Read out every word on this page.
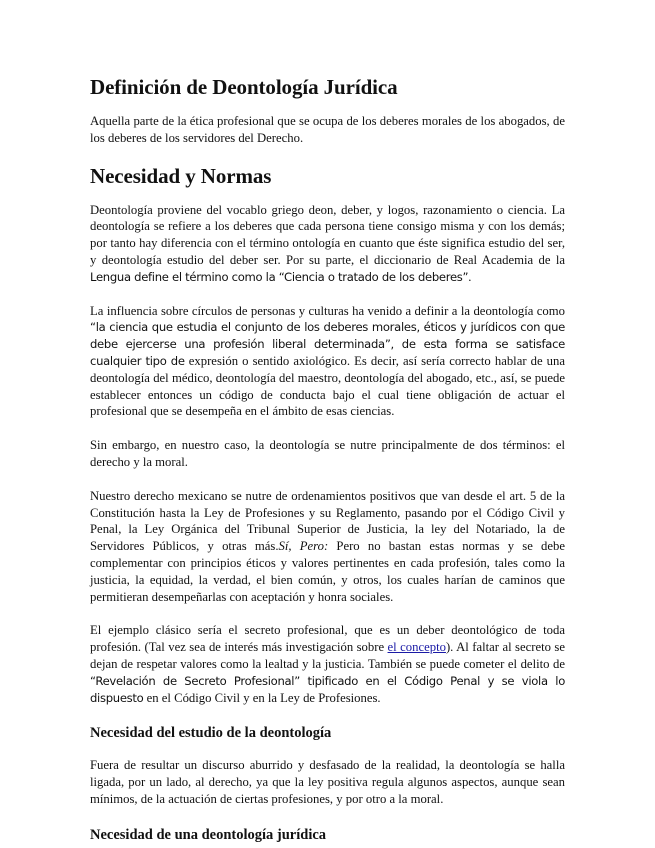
Definición de Deontología Jurídica

Aquella parte de la ética profesional que se ocupa de los deberes morales de los abogados, de los deberes de los servidores del Derecho.

Necesidad y Normas

Deontología proviene del vocablo griego deon, deber, y logos, razonamiento o ciencia. La deontología se refiere a los deberes que cada persona tiene consigo misma y con los demás; por tanto hay diferencia con el término ontología en cuanto que éste significa estudio del ser, y deontología estudio del deber ser. Por su parte, el diccionario de Real Academia de la Lengua define el término como la “Ciencia o tratado de los deberes”.

La influencia sobre círculos de personas y culturas ha venido a definir a la deontología como “la ciencia que estudia el conjunto de los deberes morales, éticos y jurídicos con que debe ejercerse una profesión liberal determinada”, de esta forma se satisface cualquier tipo de expresión o sentido axiológico. Es decir, así sería correcto hablar de una deontología del médico, deontología del maestro, deontología del abogado, etc., así, se puede establecer entonces un código de conducta bajo el cual tiene obligación de actuar el profesional que se desempeña en el ámbito de esas ciencias.

Sin embargo, en nuestro caso, la deontología se nutre principalmente de dos términos: el derecho y la moral.

Nuestro derecho mexicano se nutre de ordenamientos positivos que van desde el art. 5 de la Constitución hasta la Ley de Profesiones y su Reglamento, pasando por el Código Civil y Penal, la Ley Orgánica del Tribunal Superior de Justicia, la ley del Notariado, la de Servidores Públicos, y otras más.Sí, Pero: Pero no bastan estas normas y se debe complementar con principios éticos y valores pertinentes en cada profesión, tales como la justicia, la equidad, la verdad, el bien común, y otros, los cuales harían de caminos que permitieran desempeñarlas con aceptación y honra sociales.

El ejemplo clásico sería el secreto profesional, que es un deber deontológico de toda profesión. (Tal vez sea de interés más investigación sobre el concepto). Al faltar al secreto se dejan de respetar valores como la lealtad y la justicia. También se puede cometer el delito de “Revelación de Secreto Profesional” tipificado en el Código Penal y se viola lo dispuesto en el Código Civil y en la Ley de Profesiones.

Necesidad del estudio de la deontología

Fuera de resultar un discurso aburrido y desfasado de la realidad, la deontología se halla ligada, por un lado, al derecho, ya que la ley positiva regula algunos aspectos, aunque sean mínimos, de la actuación de ciertas profesiones, y por otro a la moral.

Necesidad de una deontología jurídica
